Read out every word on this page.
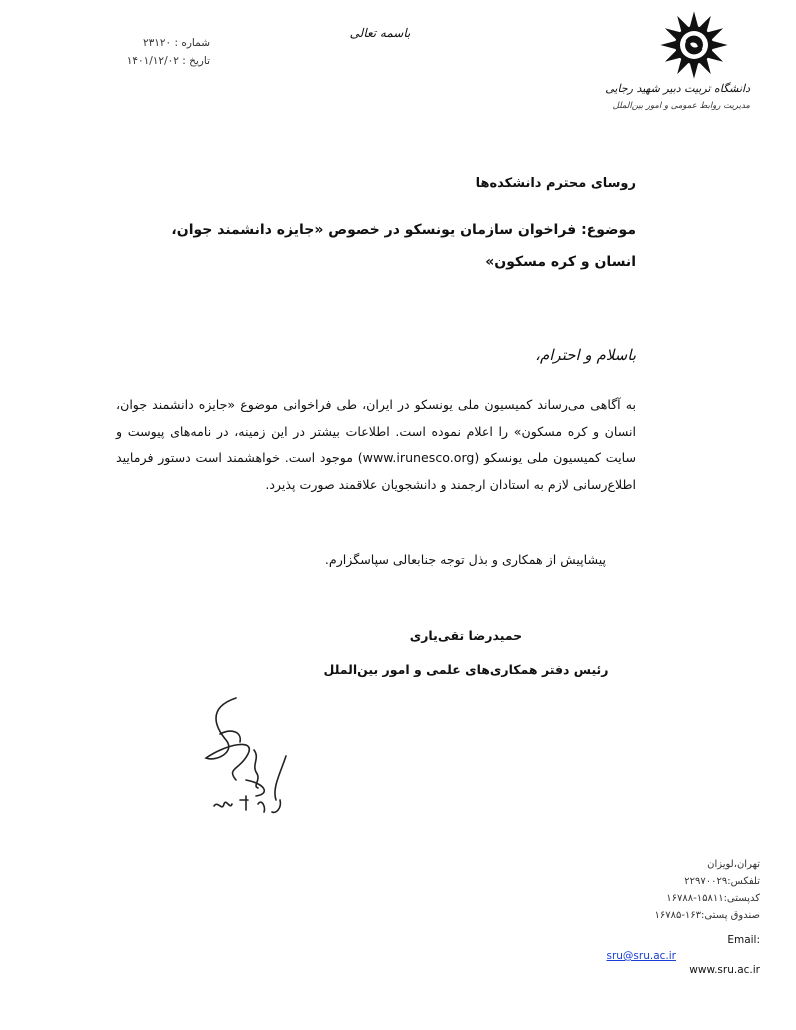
دانشگاه تربیت دبیر شهید رجایی
مدیریت روابط عمومی و امور بین‌الملل
باسمه تعالی
شماره : ۲۳۱۲۰
تاریخ : ۱۴۰۱/۱۲/۰۲
روسای محترم دانشکده‌ها
موضوع: فراخوان سازمان یونسکو در خصوص «جایزه دانشمند جوان، انسان و کره مسکون»
باسلام و احترام،
به آگاهی می‌رساند کمیسیون ملی یونسکو در ایران، طی فراخوانی موضوع «جایزه دانشمند جوان، انسان و کره مسکون» را اعلام نموده است. اطلاعات بیشتر در این زمینه، در نامه‌های پیوست و سایت کمیسیون ملی یونسکو (www.irunesco.org) موجود است. خواهشمند است دستور فرمایید اطلاع‌رسانی لازم به استادان ارجمند و دانشجویان علاقمند صورت پذیرد.
پیشاپیش از همکاری و بذل توجه جنابعالی سپاسگزارم.
حمیدرضا تقی‌یاری
رئیس دفتر همکاری‌های علمی و امور بین‌الملل
تهران،لویزان
تلفکس:۲۲۹۷۰۰۲۹
کدپستی:۱۵۸۱۱-۱۶۷۸۸
صندوق پستی:۱۶۳-۱۶۷۸۵
Email:
sru@sru.ac.ir
www.sru.ac.ir
